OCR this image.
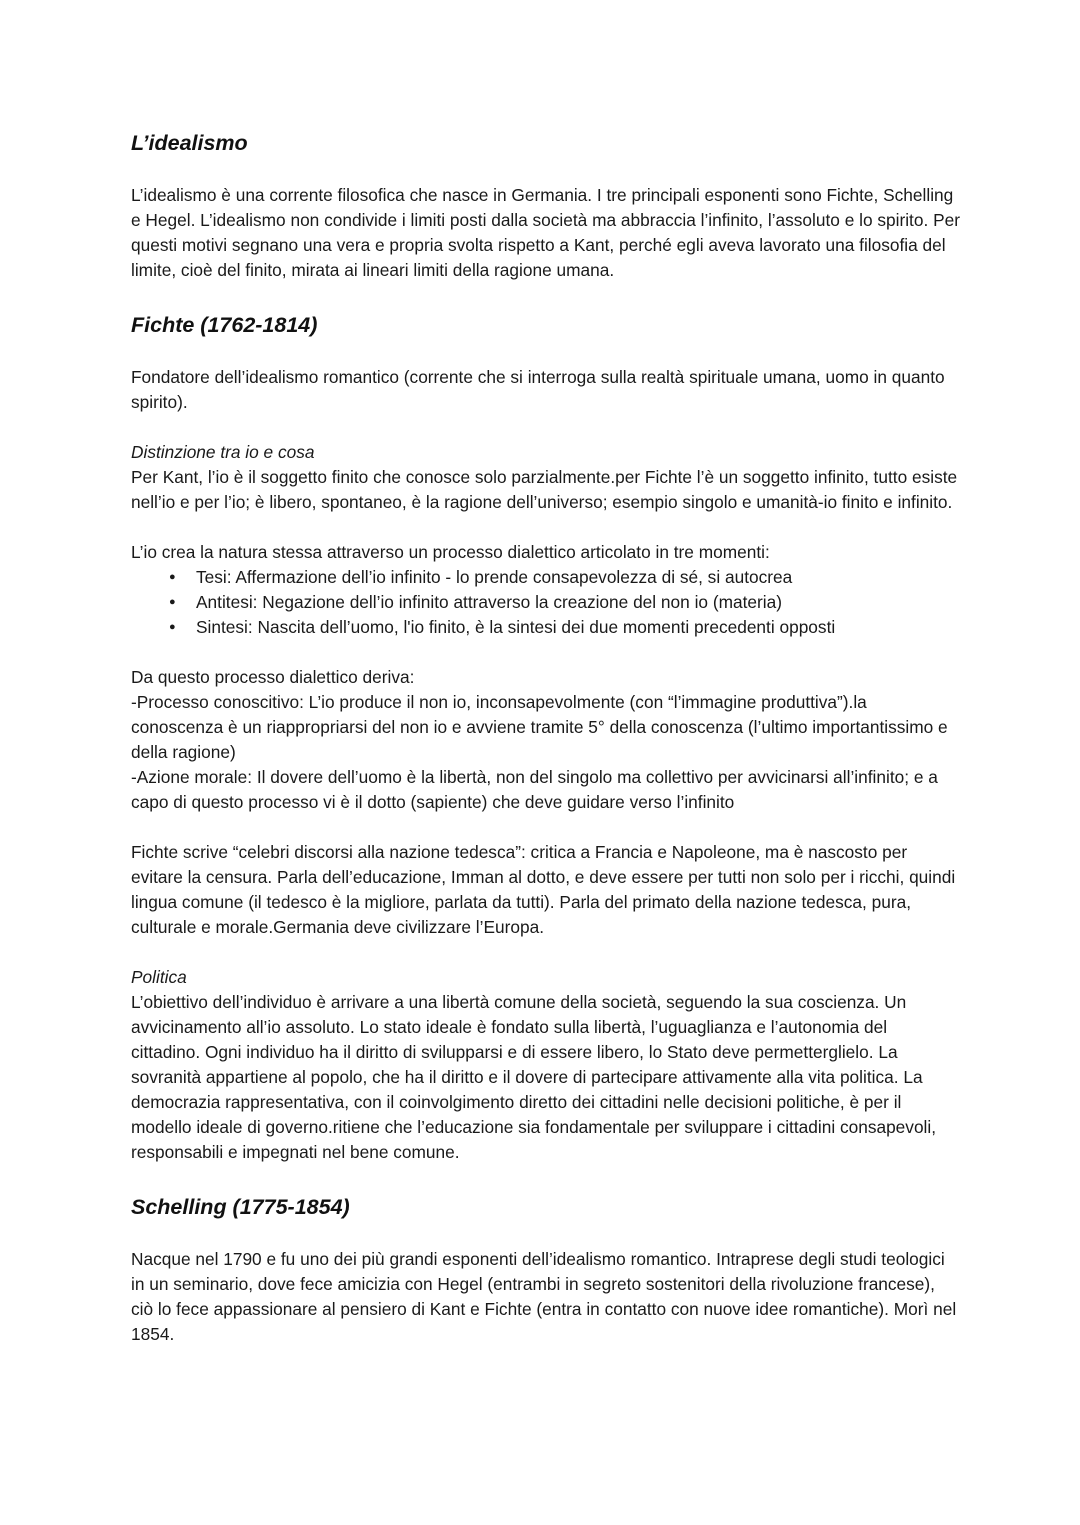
L’idealismo

L’idealismo è una corrente filosofica che nasce in Germania. I tre principali esponenti sono Fichte, Schelling e Hegel. L’idealismo non condivide i limiti posti dalla società ma abbraccia l’infinito, l’assoluto e lo spirito. Per questi motivi segnano una vera e propria svolta rispetto a Kant, perché egli aveva lavorato una filosofia del limite, cioè del finito, mirata ai lineari limiti della ragione umana.

Fichte (1762-1814)

Fondatore dell’idealismo romantico (corrente che si interroga sulla realtà spirituale umana, uomo in quanto spirito).

Distinzione tra io e cosa

Per Kant, l’io è il soggetto finito che conosce solo parzialmente.per Fichte l’è un soggetto infinito, tutto esiste nell’io e per l’io; è libero, spontaneo, è la ragione dell’universo; esempio singolo e umanità-io finito e infinito.

L’io crea la natura stessa attraverso un processo dialettico articolato in tre momenti:

● Tesi: Affermazione dell’io infinito - lo prende consapevolezza di sé, si autocrea
● Antitesi: Negazione dell’io infinito attraverso la creazione del non io (materia)
● Sintesi: Nascita dell’uomo, l'io finito, è la sintesi dei due momenti precedenti opposti

Da questo processo dialettico deriva:

-Processo conoscitivo: L’io produce il non io, inconsapevolmente (con “l’immagine produttiva”).la conoscenza è un riappropriarsi del non io e avviene tramite 5° della conoscenza (l’ultimo importantissimo e della ragione)

-Azione morale: Il dovere dell’uomo è la libertà, non del singolo ma collettivo per avvicinarsi all’infinito; e a capo di questo processo vi è il dotto (sapiente) che deve guidare verso l’infinito

Fichte scrive “celebri discorsi alla nazione tedesca”: critica a Francia e Napoleone, ma è nascosto per evitare la censura. Parla dell’educazione, Imman al dotto, e deve essere per tutti non solo per i ricchi, quindi lingua comune (il tedesco è la migliore, parlata da tutti). Parla del primato della nazione tedesca, pura, culturale e morale.Germania deve civilizzare l’Europa.

Politica

L’obiettivo dell’individuo è arrivare a una libertà comune della società, seguendo la sua coscienza. Un avvicinamento all’io assoluto. Lo stato ideale è fondato sulla libertà, l’uguaglianza e l’autonomia del cittadino. Ogni individuo ha il diritto di svilupparsi e di essere libero, lo Stato deve permetterglielo. La sovranità appartiene al popolo, che ha il diritto e il dovere di partecipare attivamente alla vita politica. La democrazia rappresentativa, con il coinvolgimento diretto dei cittadini nelle decisioni politiche, è per il modello ideale di governo.ritiene che l’educazione sia fondamentale per sviluppare i cittadini consapevoli, responsabili e impegnati nel bene comune.

Schelling (1775-1854)

Nacque nel 1790 e fu uno dei più grandi esponenti dell’idealismo romantico. Intraprese degli studi teologici in un seminario, dove fece amicizia con Hegel (entrambi in segreto sostenitori della rivoluzione francese), ciò lo fece appassionare al pensiero di Kant e Fichte (entra in contatto con nuove idee romantiche). Morì nel 1854.
